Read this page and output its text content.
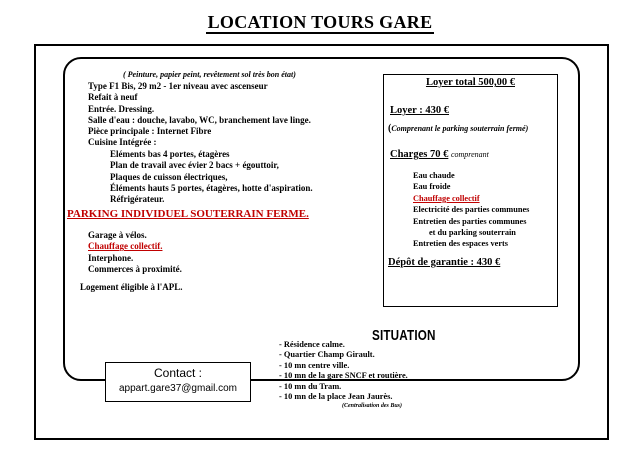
LOCATION TOURS GARE
( Peinture, papier peint, revêtement sol très bon état)
Type F1 Bis, 29 m2 - 1er niveau avec ascenseur
Refait à neuf
Entrée. Dressing.
Salle d'eau : douche, lavabo, WC, branchement lave linge.
Pièce principale : Internet Fibre
Cuisine Intégrée :
Eléments bas 4 portes, étagères
Plan de travail avec évier 2 bacs + égouttoir,
Plaques de cuisson électriques,
Éléments hauts 5 portes, étagères, hotte d'aspiration.
Réfrigérateur.
PARKING INDIVIDUEL SOUTERRAIN FERME.
Garage à vélos.
Chauffage collectif.
Interphone.
Commerces à proximité.
Logement éligible à l'APL.
Loyer total 500,00 €
Loyer : 430 €
(Comprenant le parking souterrain fermé)
Charges 70 € comprenant
Eau chaude
Eau froide
Chauffage collectif
Electricité des parties communes
Entretien des parties communes
et du parking souterrain
Entretien des espaces verts
Dépôt de garantie : 430 €
Contact :
appart.gare37@gmail.com
SITUATION
- Résidence calme.
- Quartier Champ Girault.
- 10 mn centre ville.
- 10 mn de la gare SNCF et routière.
- 10 mn du Tram.
- 10 mn de la place Jean Jaurès.
(Centralisation des Bus)
